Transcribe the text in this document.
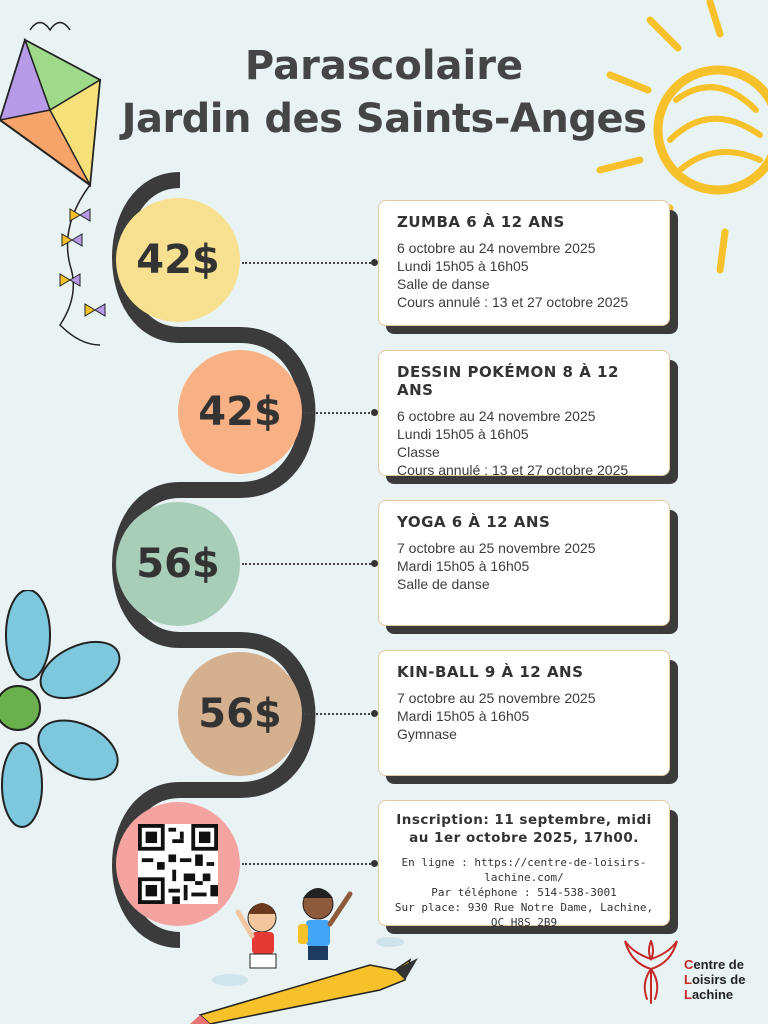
Parascolaire
Jardin des Saints-Anges
42$
42$
56$
56$
ZUMBA 6 À 12 ANS
6 octobre au 24 novembre 2025
Lundi 15h05 à 16h05
Salle de danse
Cours annulé : 13 et 27 octobre 2025
DESSIN POKÉMON 8 À 12 ANS
6 octobre au 24 novembre 2025
Lundi 15h05 à 16h05
Classe
Cours annulé : 13 et 27 octobre 2025
YOGA 6 À 12 ANS
7 octobre au 25 novembre 2025
Mardi 15h05 à 16h05
Salle de danse
KIN-BALL 9 À 12 ANS
7 octobre au 25 novembre 2025
Mardi 15h05 à 16h05
Gymnase
Inscription: 11 septembre, midi
au 1er octobre 2025, 17h00.
En ligne : https://centre-de-loisirs-
lachine.com/
Par téléphone : 514-538-3001
Sur place: 930 Rue Notre Dame, Lachine,
QC H8S 2B9
Centre de
Loisirs de
Lachine
